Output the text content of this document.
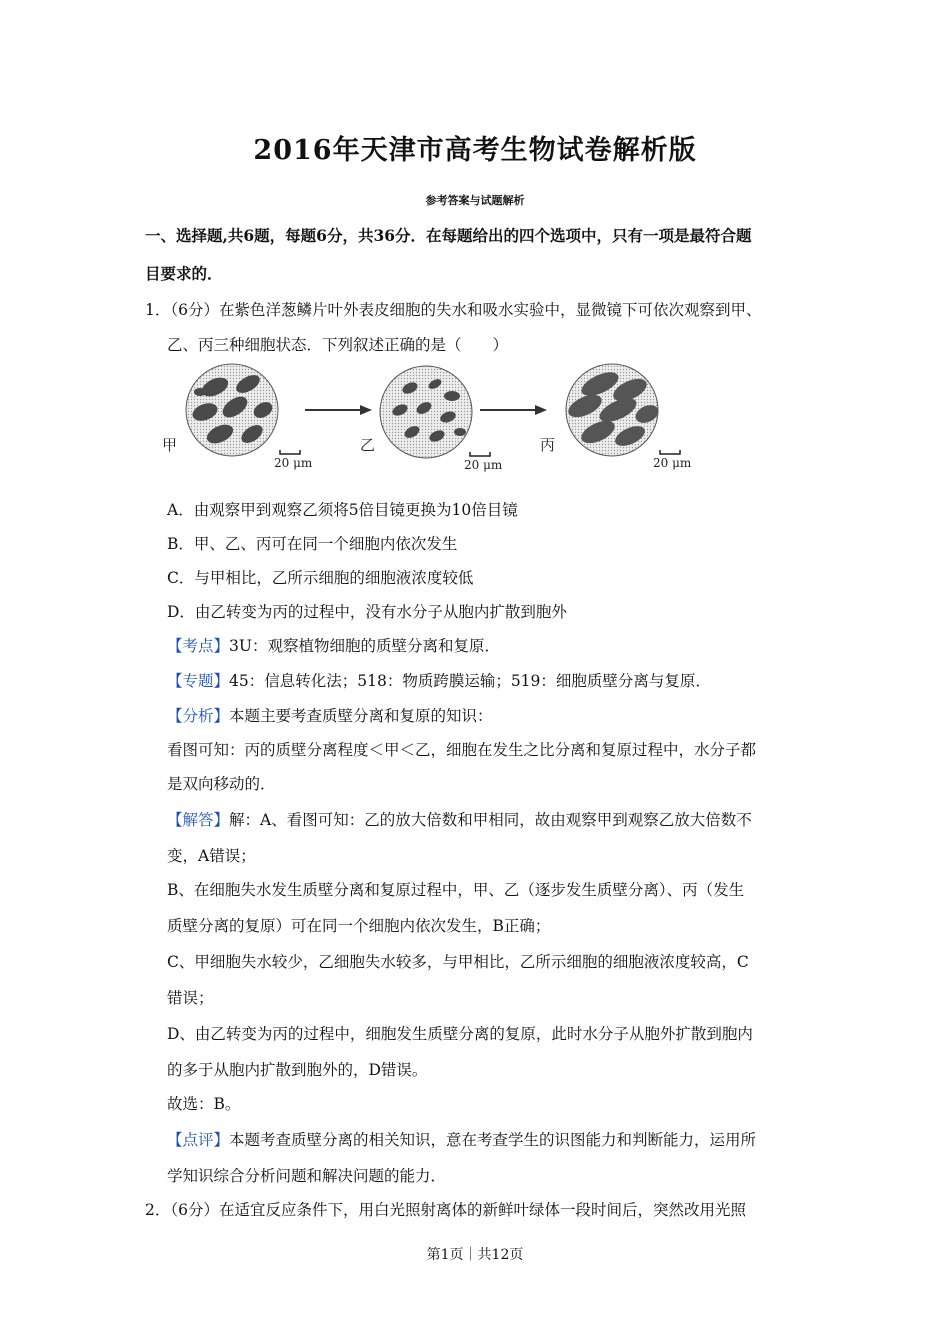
2016年天津市高考生物试卷解析版
参考答案与试题解析
一、选择题,共6题，每题6分，共36分．在每题给出的四个选项中，只有一项是最符合题
目要求的．
1．（6分）在紫色洋葱鳞片叶外表皮细胞的失水和吸水实验中，显微镜下可依次观察到甲、
乙、丙三种细胞状态．下列叙述正确的是（　　）
甲
20 μm
乙
20 μm
丙
20 μm
A．由观察甲到观察乙须将5倍目镜更换为10倍目镜
B．甲、乙、丙可在同一个细胞内依次发生
C．与甲相比，乙所示细胞的细胞液浓度较低
D．由乙转变为丙的过程中，没有水分子从胞内扩散到胞外
【考点】3U：观察植物细胞的质壁分离和复原．
【专题】45：信息转化法；518：物质跨膜运输；519：细胞质壁分离与复原．
【分析】本题主要考查质壁分离和复原的知识：
看图可知：丙的质壁分离程度＜甲＜乙，细胞在发生之比分离和复原过程中，水分子都
是双向移动的．
【解答】解：A、看图可知：乙的放大倍数和甲相同，故由观察甲到观察乙放大倍数不
变，A错误；
B、在细胞失水发生质壁分离和复原过程中，甲、乙（逐步发生质壁分离）、丙（发生
质壁分离的复原）可在同一个细胞内依次发生，B正确；
C、甲细胞失水较少，乙细胞失水较多，与甲相比，乙所示细胞的细胞液浓度较高，C
错误；
D、由乙转变为丙的过程中，细胞发生质壁分离的复原，此时水分子从胞外扩散到胞内
的多于从胞内扩散到胞外的，D错误。
故选：B。
【点评】本题考查质壁分离的相关知识，意在考查学生的识图能力和判断能力，运用所
学知识综合分析问题和解决问题的能力．
2．（6分）在适宜反应条件下，用白光照射离体的新鲜叶绿体一段时间后，突然改用光照
第1页｜共12页
